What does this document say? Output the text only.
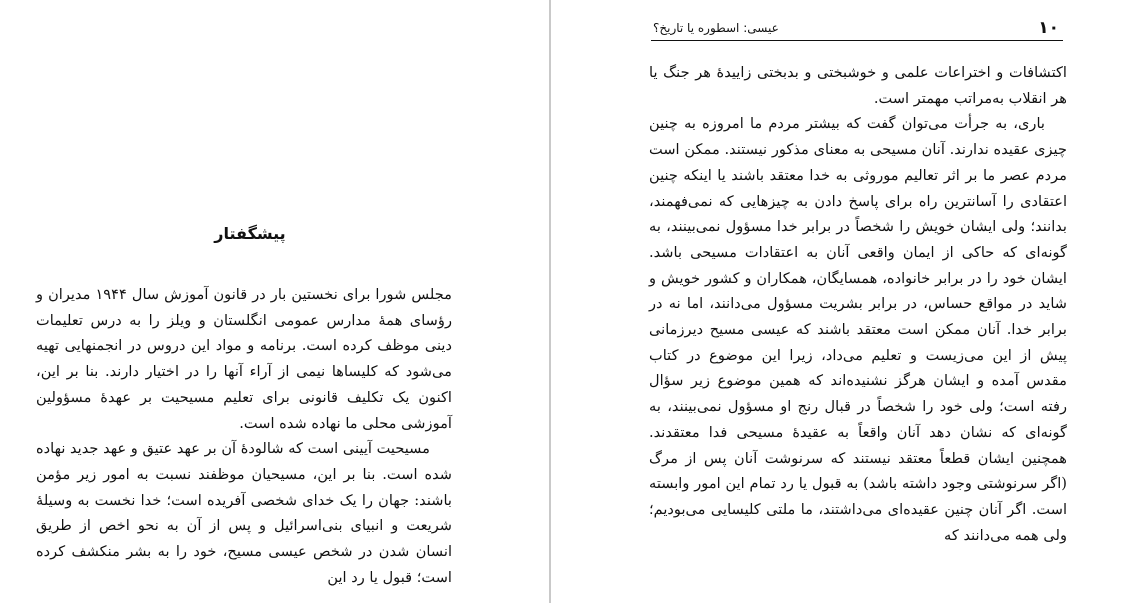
پیشگفتار

مجلس شورا برای نخستین بار در قانون آموزش سال ۱۹۴۴ مدیران و رؤسای همهٔ مدارس عمومی انگلستان و ویلز را به درس تعلیمات دینی موظف کرده است. برنامه و مواد این دروس در انجمنهایی تهیه می‌شود که کلیساها نیمی از آراء آنها را در اختیار دارند. بنا بر این، اکنون یک تکلیف قانونی برای تعلیم مسیحیت بر عهدهٔ مسؤولین آموزشی محلی ما نهاده شده است.

مسیحیت آیینی است که شالودهٔ آن بر عهد عتیق و عهد جدید نهاده شده است. بنا بر این، مسیحیان موظفند نسبت به امور زیر مؤمن باشند: جهان را یک خدای شخصی آفریده است؛ خدا نخست به وسیلهٔ شریعت و انبیای بنی‌اسرائیل و پس از آن به نحو اخص از طریق انسان شدن در شخص عیسی مسیح، خود را به بشر منکشف کرده است؛ قبول یا رد این

۱۰
عیسی: اسطوره یا تاریخ؟

اکتشافات و اختراعات علمی و خوشبختی و بدبختی زاییدهٔ هر جنگ یا هر انقلاب به‌مراتب مهمتر است.

باری، به جرأت می‌توان گفت که بیشتر مردم ما امروزه به چنین چیزی عقیده ندارند. آنان مسیحی به معنای مذکور نیستند. ممکن است مردم عصر ما بر اثر تعالیم موروثی به خدا معتقد باشند یا اینکه چنین اعتقادی را آسانترین راه برای پاسخ دادن به چیزهایی که نمی‌فهمند، بدانند؛ ولی ایشان خویش را شخصاً در برابر خدا مسؤول نمی‌بینند، به گونه‌ای که حاکی از ایمان واقعی آنان به اعتقادات مسیحی باشد. ایشان خود را در برابر خانواده، همسایگان، همکاران و کشور خویش و شاید در مواقع حساس، در برابر بشریت مسؤول می‌دانند، اما نه در برابر خدا. آنان ممکن است معتقد باشند که عیسی مسیح دیرزمانی پیش از این می‌زیست و تعلیم می‌داد، زیرا این موضوع در کتاب مقدس آمده و ایشان هرگز نشنیده‌اند که همین موضوع زیر سؤال رفته است؛ ولی خود را شخصاً در قبال رنج او مسؤول نمی‌بینند، به گونه‌ای که نشان دهد آنان واقعاً به عقیدهٔ مسیحی فدا معتقدند. همچنین ایشان قطعاً معتقد نیستند که سرنوشت آنان پس از مرگ (اگر سرنوشتی وجود داشته باشد) به قبول یا رد تمام این امور وابسته است. اگر آنان چنین عقیده‌ای می‌داشتند، ما ملتی کلیسایی می‌بودیم؛ ولی همه می‌دانند که
